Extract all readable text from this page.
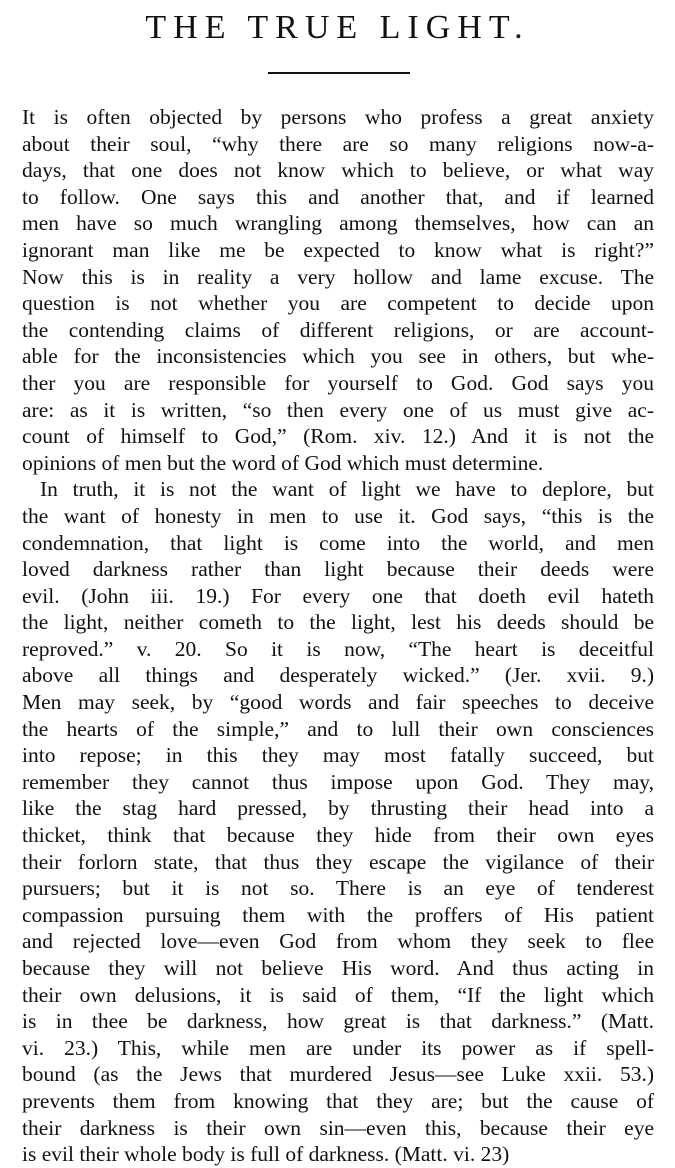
THE TRUE LIGHT.
It is often objected by persons who profess a great anxiety
about their soul, “why there are so many religions now-a-
days, that one does not know which to believe, or what way
to follow. One says this and another that, and if learned
men have so much wrangling among themselves, how can an
ignorant man like me be expected to know what is right?”
Now this is in reality a very hollow and lame excuse. The
question is not whether you are competent to decide upon
the contending claims of different religions, or are account-
able for the inconsistencies which you see in others, but whe-
ther you are responsible for yourself to God. God says you
are: as it is written, “so then every one of us must give ac-
count of himself to God,” (Rom. xiv. 12.) And it is not the
opinions of men but the word of God which must determine.
In truth, it is not the want of light we have to deplore, but
the want of honesty in men to use it. God says, “this is the
condemnation, that light is come into the world, and men
loved darkness rather than light because their deeds were
evil. (John iii. 19.) For every one that doeth evil hateth
the light, neither cometh to the light, lest his deeds should be
reproved.” v. 20. So it is now, “The heart is deceitful
above all things and desperately wicked.” (Jer. xvii. 9.)
Men may seek, by “good words and fair speeches to deceive
the hearts of the simple,” and to lull their own consciences
into repose; in this they may most fatally succeed, but
remember they cannot thus impose upon God. They may,
like the stag hard pressed, by thrusting their head into a
thicket, think that because they hide from their own eyes
their forlorn state, that thus they escape the vigilance of their
pursuers; but it is not so. There is an eye of tenderest
compassion pursuing them with the proffers of His patient
and rejected love—even God from whom they seek to flee
because they will not believe His word. And thus acting in
their own delusions, it is said of them, “If the light which
is in thee be darkness, how great is that darkness.” (Matt.
vi. 23.) This, while men are under its power as if spell-
bound (as the Jews that murdered Jesus—see Luke xxii. 53.)
prevents them from knowing that they are; but the cause of
their darkness is their own sin—even this, because their eye
is evil their whole body is full of darkness. (Matt. vi. 23)
